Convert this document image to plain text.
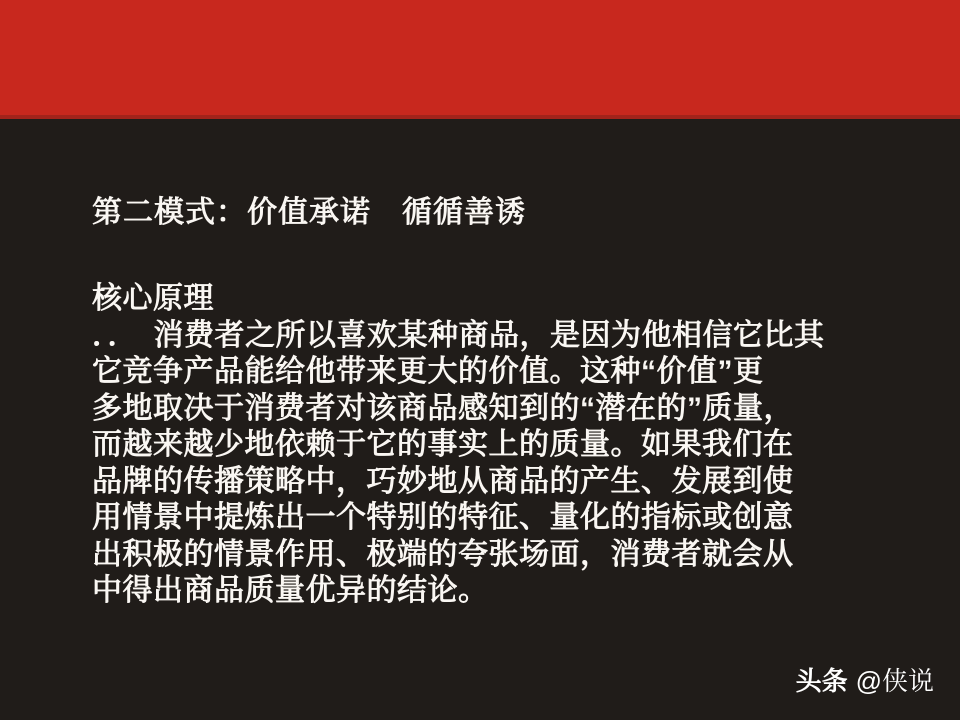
第二模式：价值承诺　循循善诱
核心原理
．．　消费者之所以喜欢某种商品，是因为他相信它比其
它竞争产品能给他带来更大的价值。这种“价值”更
多地取决于消费者对该商品感知到的“潜在的”质量，
而越来越少地依赖于它的事实上的质量。如果我们在
品牌的传播策略中，巧妙地从商品的产生、发展到使
用情景中提炼出一个特别的特征、量化的指标或创意
出积极的情景作用、极端的夸张场面，消费者就会从
中得出商品质量优异的结论。
头条 @侠说
